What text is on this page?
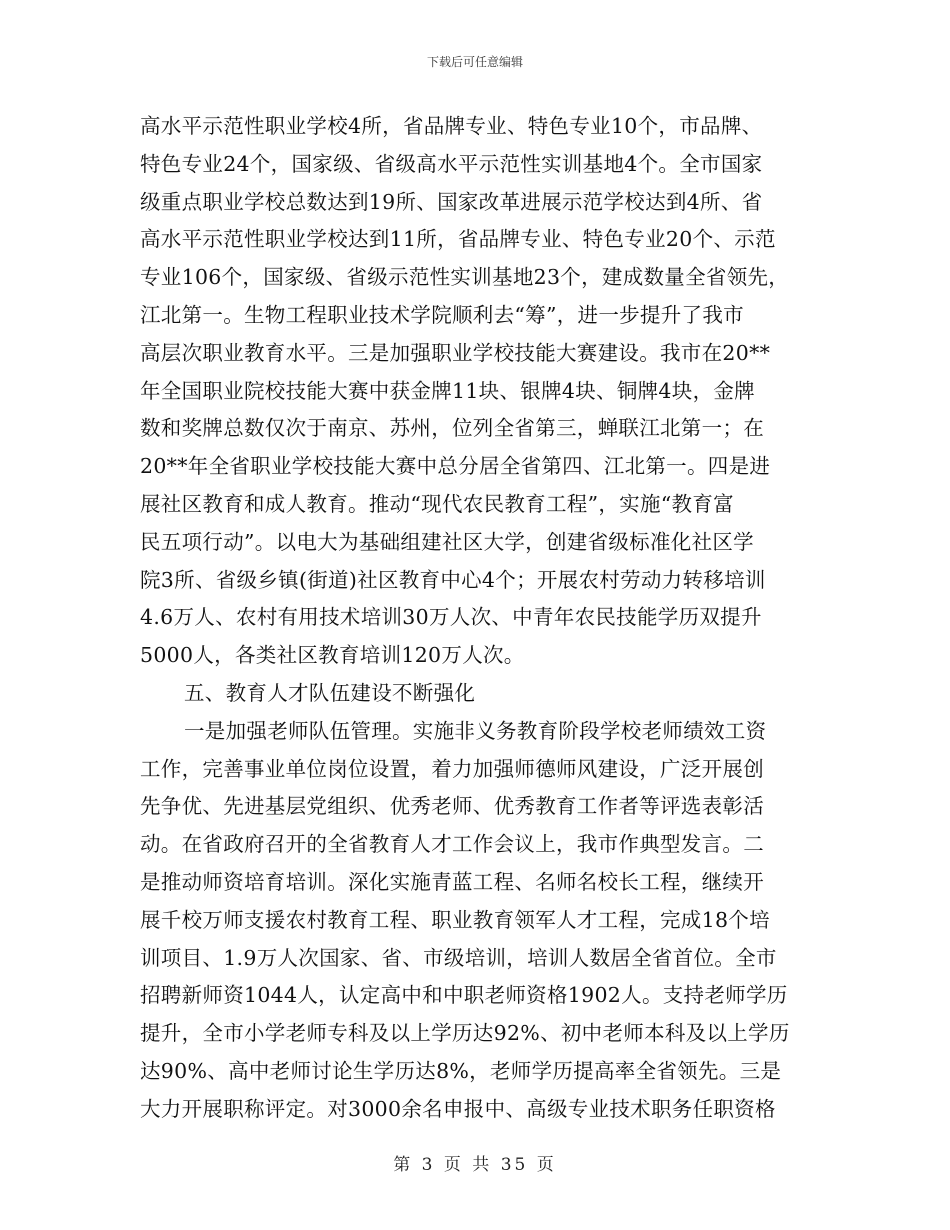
下载后可任意编辑
高水平示范性职业学校4所，省品牌专业、特色专业10个，市品牌、
特色专业24个，国家级、省级高水平示范性实训基地4个。全市国家
级重点职业学校总数达到19所、国家改革进展示范学校达到4所、省
高水平示范性职业学校达到11所，省品牌专业、特色专业20个、示范
专业106个，国家级、省级示范性实训基地23个，建成数量全省领先，
江北第一。生物工程职业技术学院顺利去“筹”，进一步提升了我市
高层次职业教育水平。三是加强职业学校技能大赛建设。我市在20**
年全国职业院校技能大赛中获金牌11块、银牌4块、铜牌4块，金牌
数和奖牌总数仅次于南京、苏州，位列全省第三，蝉联江北第一；在
20**年全省职业学校技能大赛中总分居全省第四、江北第一。四是进
展社区教育和成人教育。推动“现代农民教育工程”，实施“教育富
民五项行动”。以电大为基础组建社区大学，创建省级标准化社区学
院3所、省级乡镇(街道)社区教育中心4个；开展农村劳动力转移培训
4.6万人、农村有用技术培训30万人次、中青年农民技能学历双提升
5000人，各类社区教育培训120万人次。
五、教育人才队伍建设不断强化
一是加强老师队伍管理。实施非义务教育阶段学校老师绩效工资
工作，完善事业单位岗位设置，着力加强师德师风建设，广泛开展创
先争优、先进基层党组织、优秀老师、优秀教育工作者等评选表彰活
动。在省政府召开的全省教育人才工作会议上，我市作典型发言。二
是推动师资培育培训。深化实施青蓝工程、名师名校长工程，继续开
展千校万师支援农村教育工程、职业教育领军人才工程，完成18个培
训项目、1.9万人次国家、省、市级培训，培训人数居全省首位。全市
招聘新师资1044人，认定高中和中职老师资格1902人。支持老师学历
提升，全市小学老师专科及以上学历达92%、初中老师本科及以上学历
达90%、高中老师讨论生学历达8%，老师学历提高率全省领先。三是
大力开展职称评定。对3000余名申报中、高级专业技术职务任职资格
第 3 页 共 35 页
